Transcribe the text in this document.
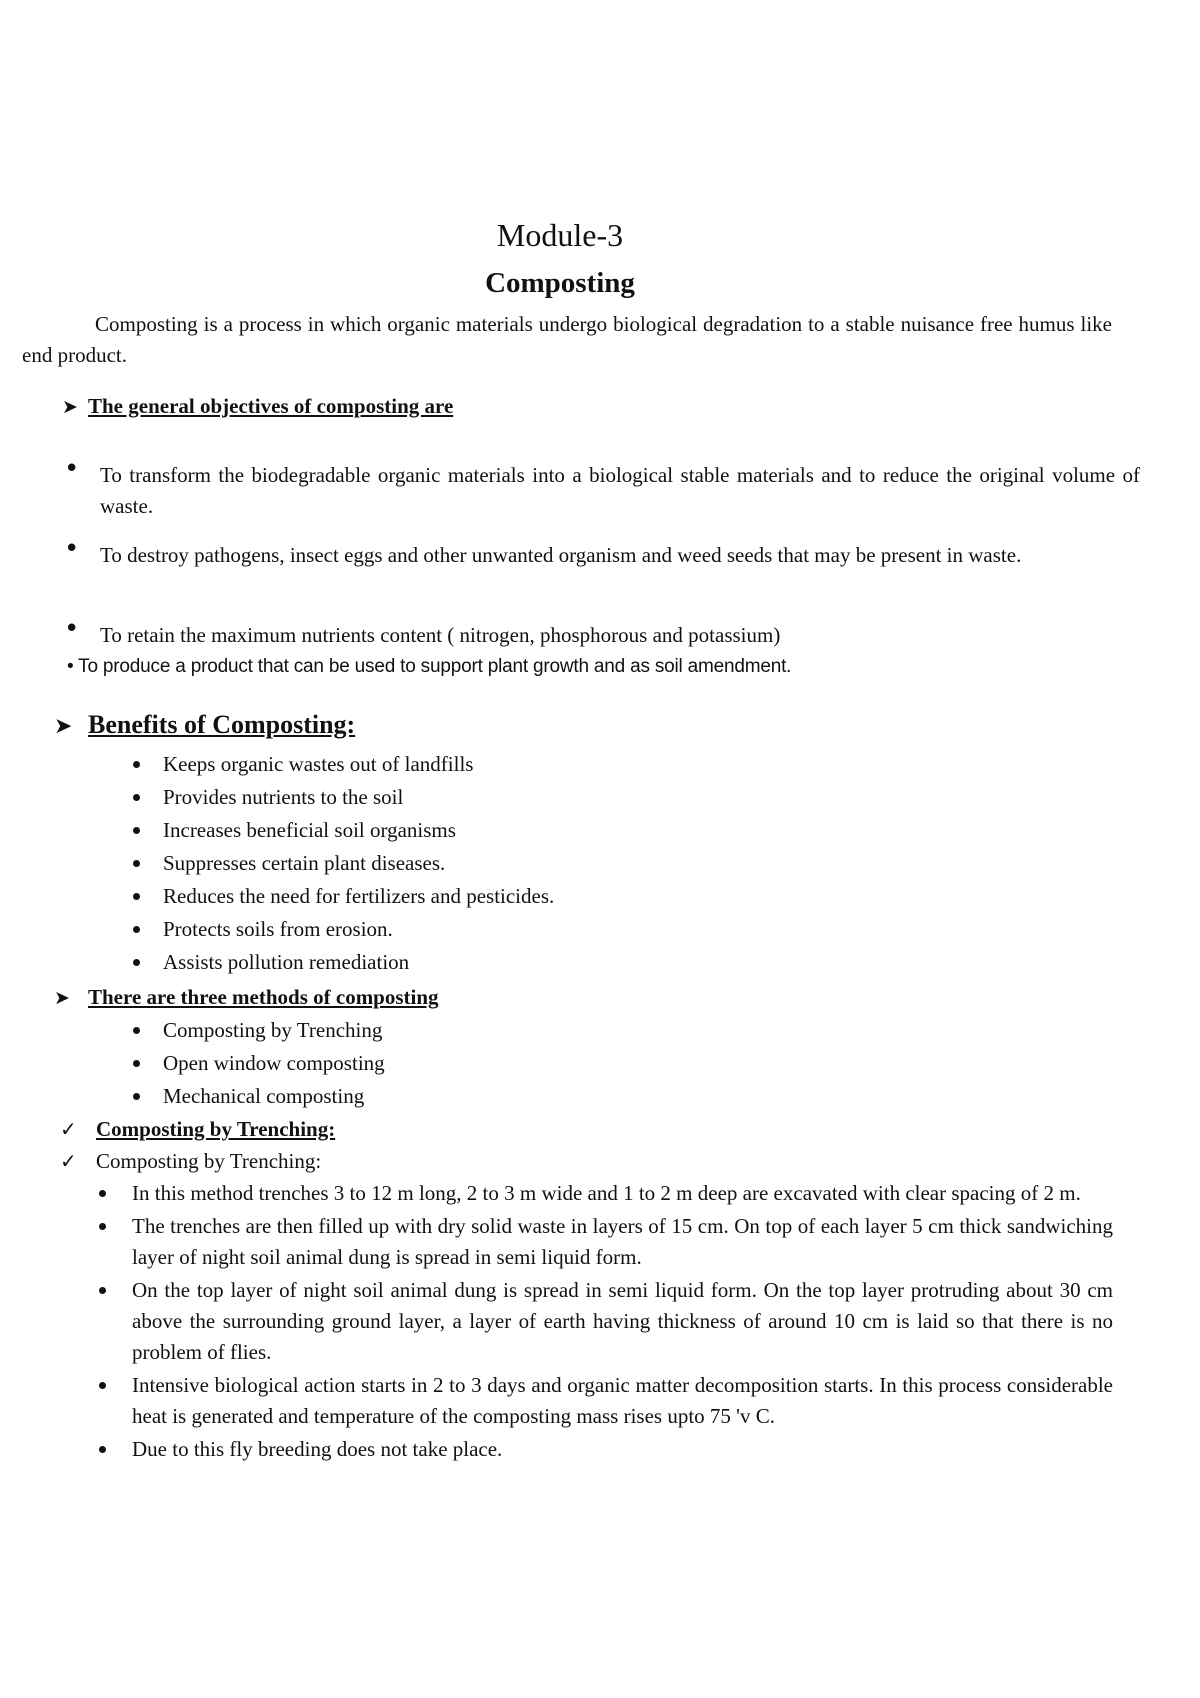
Module-3
Composting
Composting is a process in which organic materials undergo biological degradation to a stable nuisance free humus like end product.
➤ The general objectives of composting are
• To transform the biodegradable organic materials into a biological stable materials and to reduce the original volume of waste.
• To destroy pathogens, insect eggs and other unwanted organism and weed seeds that may be present in waste.
• To retain the maximum nutrients content ( nitrogen, phosphorous and potassium)
• To produce a product that can be used to support plant growth and as soil amendment.
➤ Benefits of Composting:
Keeps organic wastes out of landfills
Provides nutrients to the soil
Increases beneficial soil organisms
Suppresses certain plant diseases.
Reduces the need for fertilizers and pesticides.
Protects soils from erosion.
Assists pollution remediation
➤ There are three methods of composting
Composting by Trenching
Open window composting
Mechanical composting
✓ Composting by Trenching:
✓ Composting by Trenching:
In this method trenches 3 to 12 m long, 2 to 3 m wide and 1 to 2 m deep are excavated with clear spacing of 2 m.
The trenches are then filled up with dry solid waste in layers of 15 cm. On top of each layer 5 cm thick sandwiching layer of night soil animal dung is spread in semi liquid form.
On the top layer of night soil animal dung is spread in semi liquid form. On the top layer protruding about 30 cm above the surrounding ground layer, a layer of earth having thickness of around 10 cm is laid so that there is no problem of flies.
Intensive biological action starts in 2 to 3 days and organic matter decomposition starts. In this process considerable heat is generated and temperature of the composting mass rises upto 75 'v C.
Due to this fly breeding does not take place.
